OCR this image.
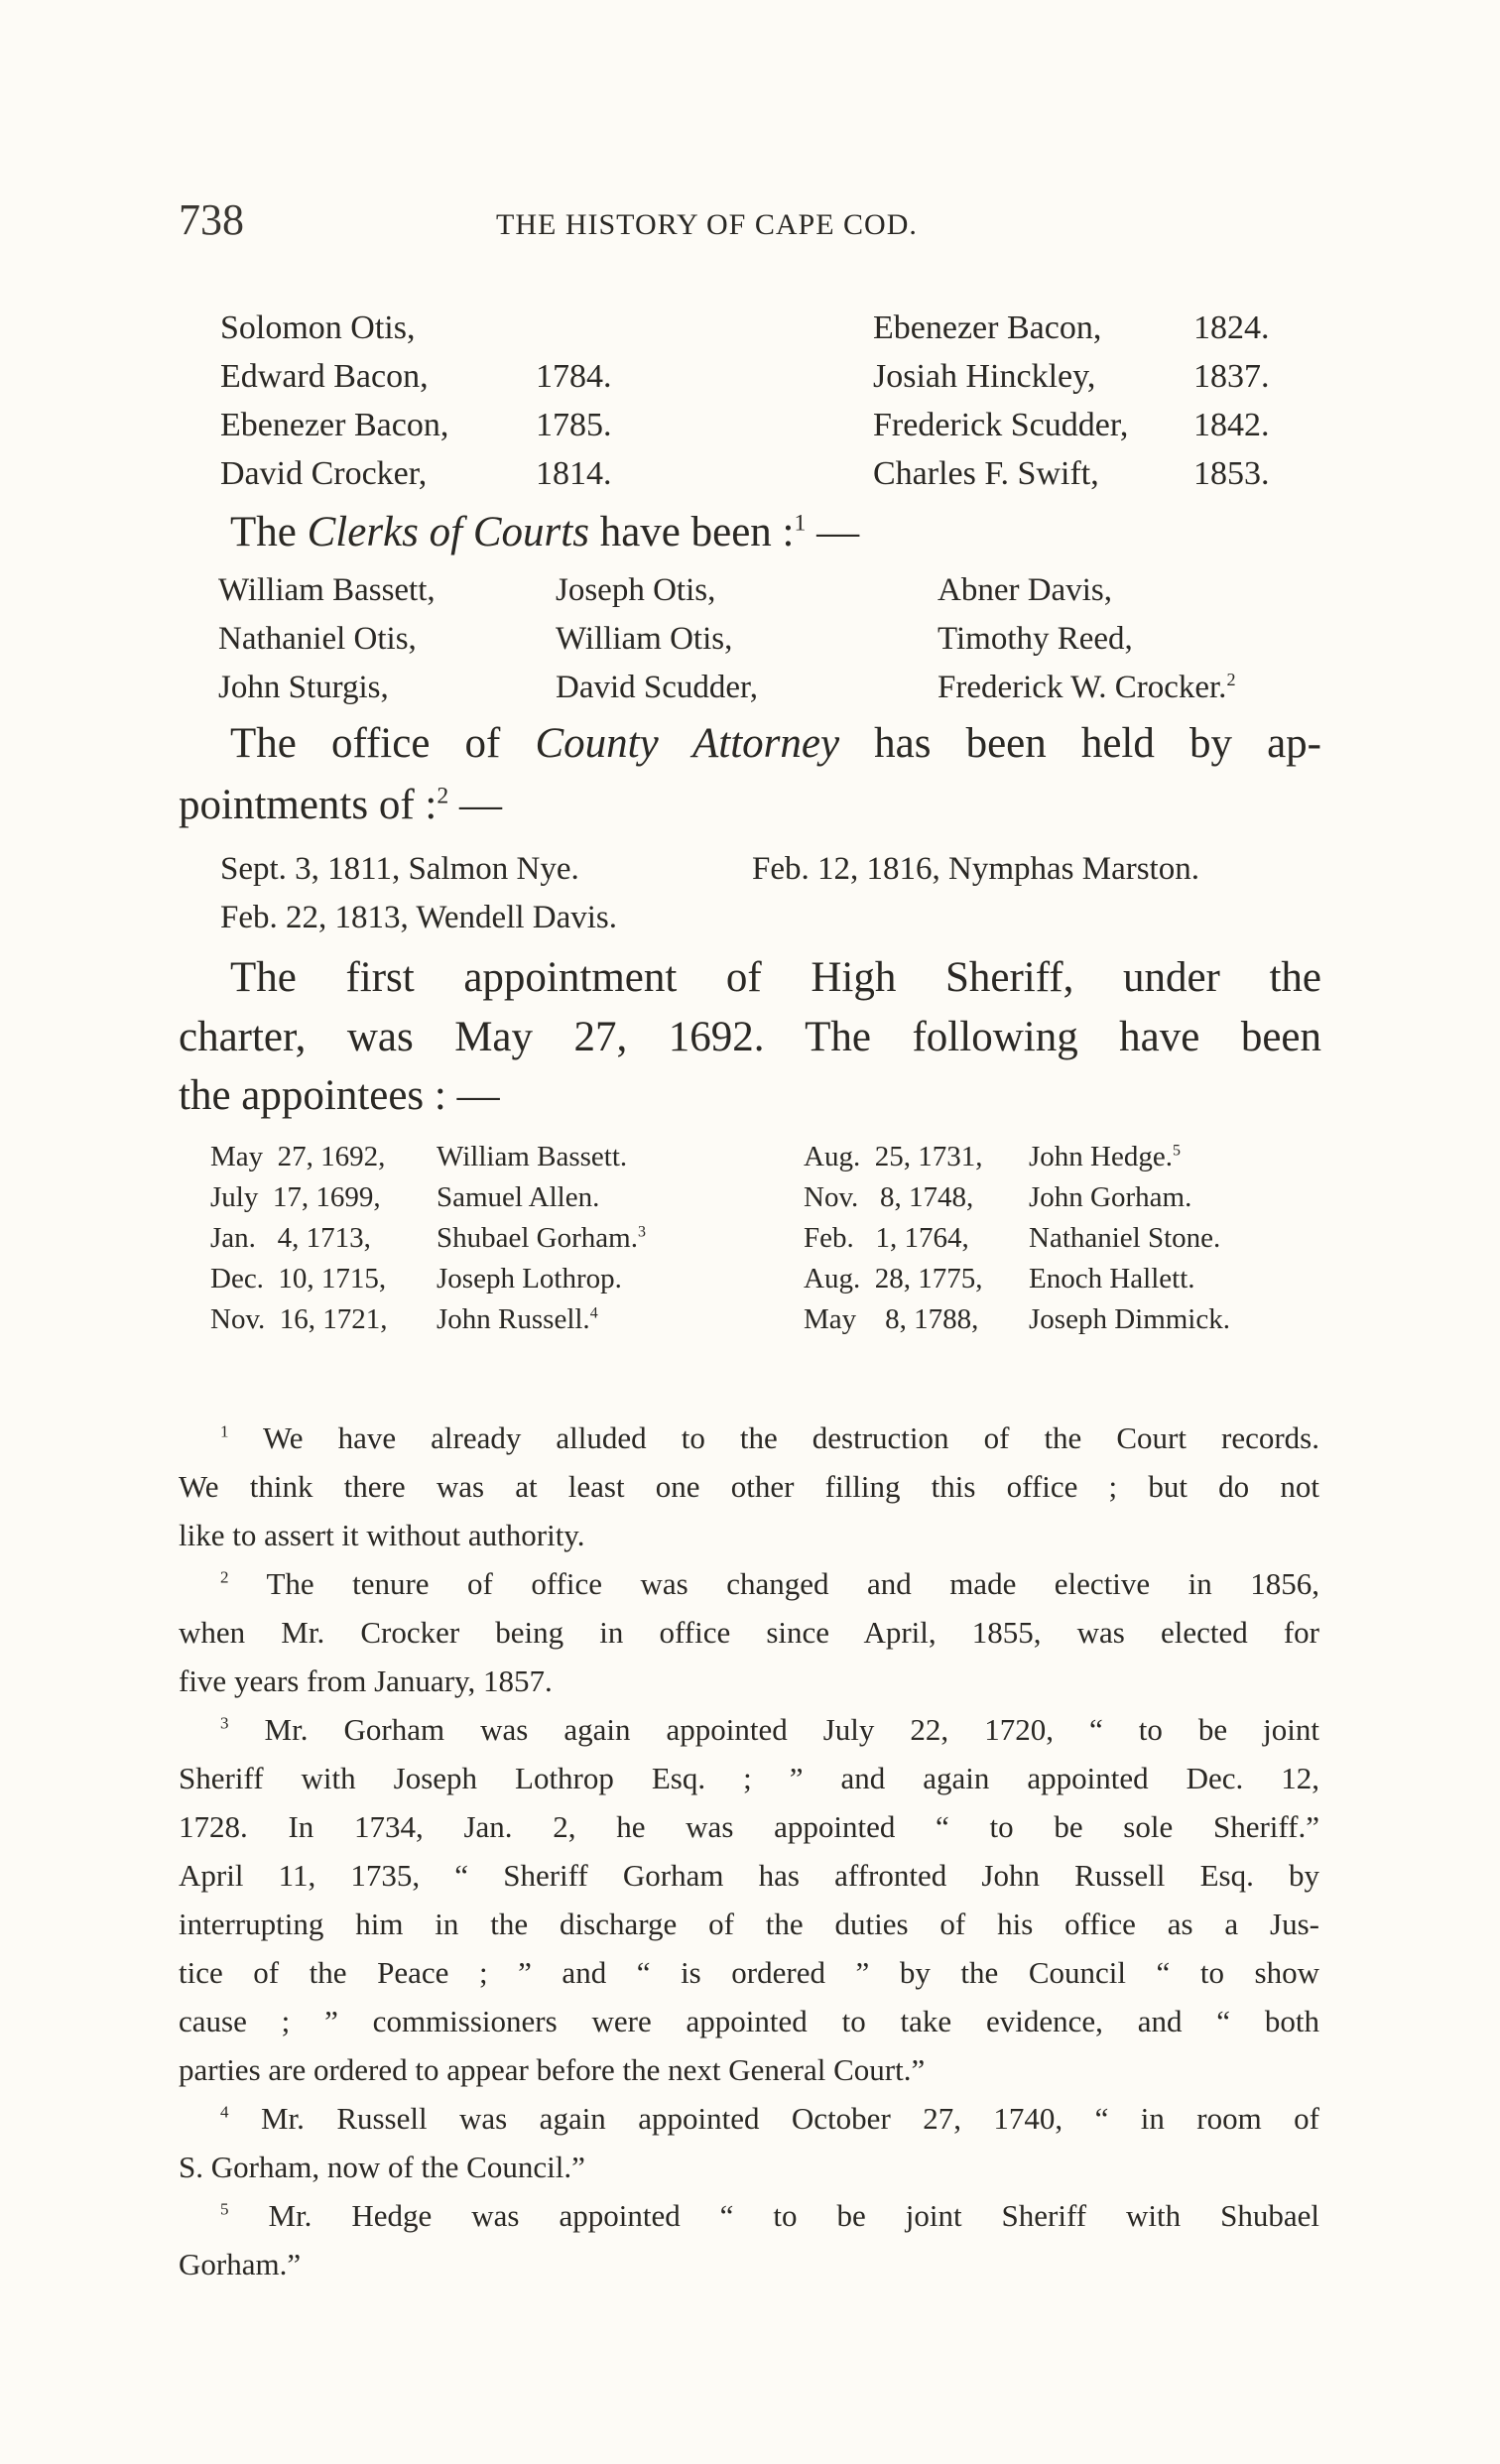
738	THE HISTORY OF CAPE COD.
Solomon Otis,
Edward Bacon,	1784.
Ebenezer Bacon,	1785.
David Crocker,	1814.
Ebenezer Bacon,	1824.
Josiah Hinckley,	1837.
Frederick Scudder, 1842.
Charles F. Swift,	1853.
The Clerks of Courts have been :$^1$ —
William Bassett,	Joseph Otis,	Abner Davis,
Nathaniel Otis,	William Otis,	Timothy Reed,
John Sturgis,	David Scudder,	Frederick W. Crocker.$^2$
The office of County Attorney has been held by ap-
pointments of :$^2$ —
Sept. 3, 1811, Salmon Nye.	Feb. 12, 1816, Nymphas Marston.
Feb. 22, 1813, Wendell Davis.
The first appointment of High Sheriff, under the
charter, was May 27, 1692. The following have been
the appointees : —
May  27, 1692, William Bassett.
July  17, 1699, Samuel Allen.
Jan.   4, 1713, Shubael Gorham.$^3$
Dec.  10, 1715, Joseph Lothrop.
Nov.  16, 1721, John Russell.$^4$
Aug.  25, 1731, John Hedge.$^5$
Nov.   8, 1748, John Gorham.
Feb.   1, 1764, Nathaniel Stone.
Aug.  28, 1775, Enoch Hallett.
May    8, 1788, Joseph Dimmick.
$^1$ We have already alluded to the destruction of the Court records.
We think there was at least one other filling this office ; but do not
like to assert it without authority.
$^2$ The tenure of office was changed and made elective in 1856,
when Mr. Crocker being in office since April, 1855, was elected for
five years from January, 1857.
$^3$ Mr. Gorham was again appointed July 22, 1720, “ to be joint
Sheriff with Joseph Lothrop Esq. ; ” and again appointed Dec. 12,
1728. In 1734, Jan. 2, he was appointed “ to be sole Sheriff.”
April 11, 1735, “ Sheriff Gorham has affronted John Russell Esq. by
interrupting him in the discharge of the duties of his office as a Jus-
tice of the Peace ; ” and “ is ordered ” by the Council “ to show
cause ; ” commissioners were appointed to take evidence, and “ both
parties are ordered to appear before the next General Court.”
$^4$ Mr. Russell was again appointed October 27, 1740, “ in room of
S. Gorham, now of the Council.”
$^5$ Mr. Hedge was appointed “ to be joint Sheriff with Shubael
Gorham.”
